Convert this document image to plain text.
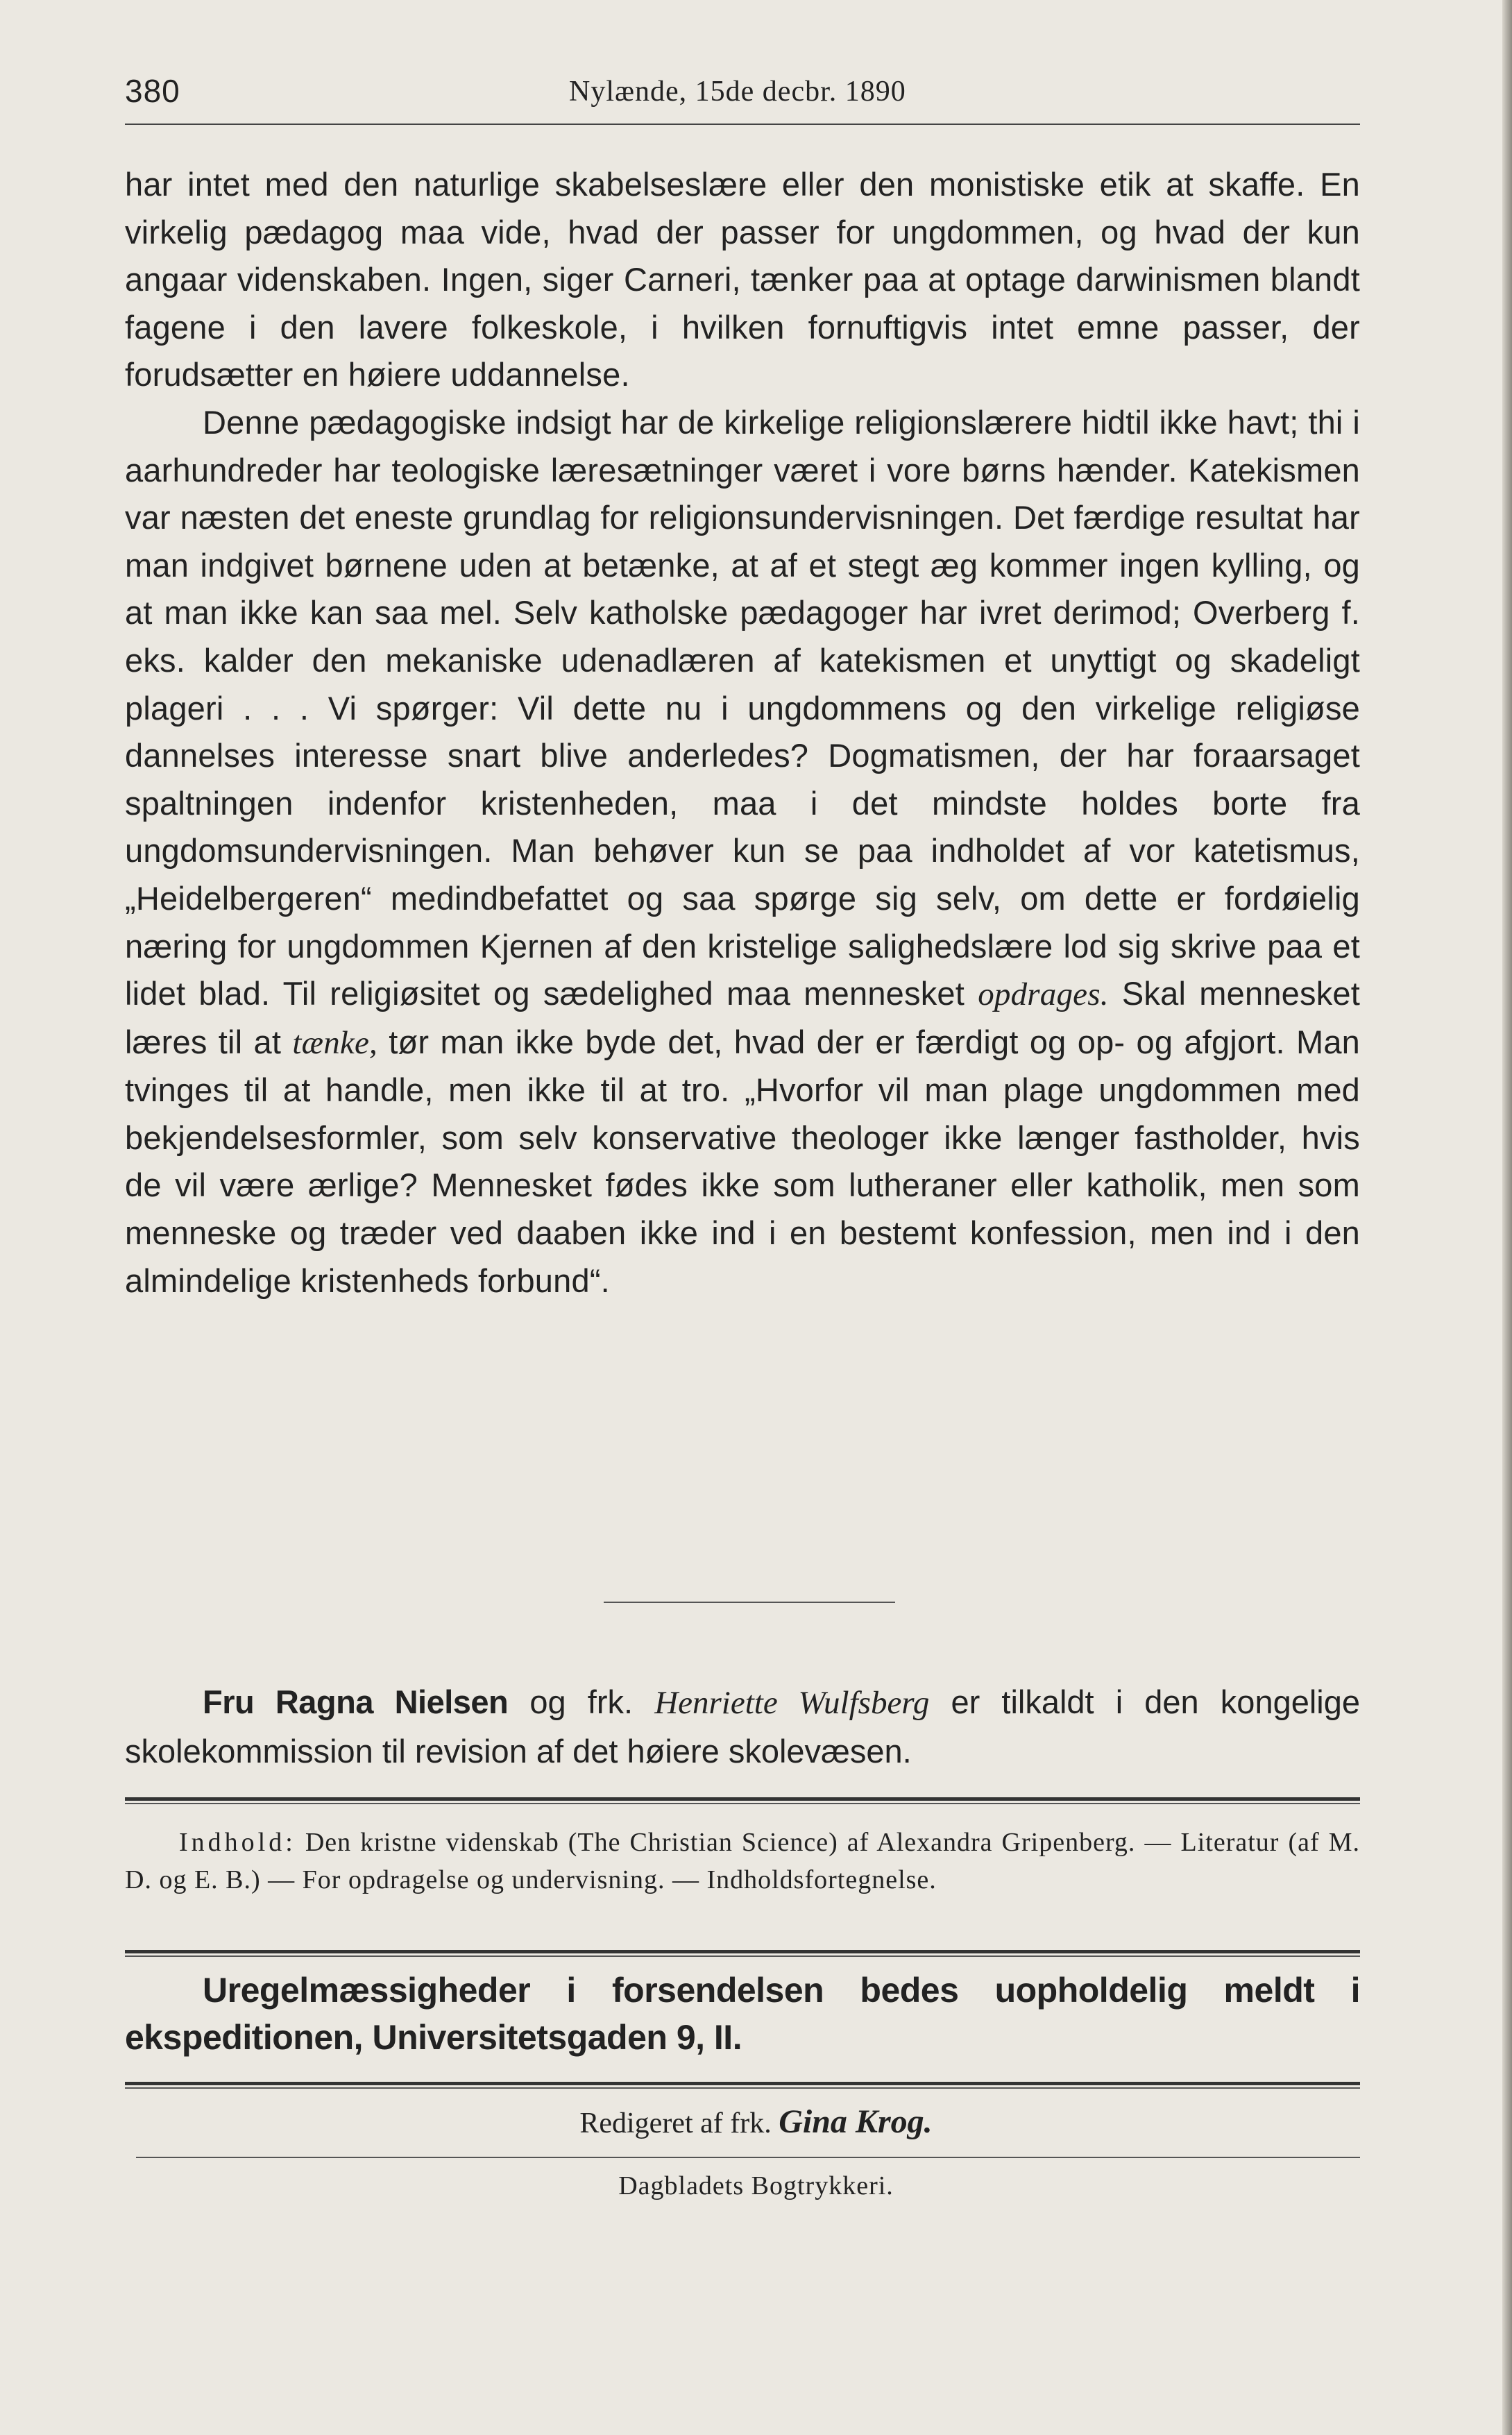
380	Nylænde, 15de decbr. 1890

har intet med den naturlige skabelseslære eller den monistiske etik at skaffe. En virkelig pædagog maa vide, hvad der passer for ungdommen, og hvad der kun angaar videnskaben. Ingen, siger Carneri, tænker paa at optage darwinismen blandt fagene i den lavere folkeskole, i hvilken fornuftigvis intet emne passer, der forudsætter en høiere uddannelse.

Denne pædagogiske indsigt har de kirkelige religionslærere hidtil ikke havt; thi i aarhundreder har teologiske læresætninger været i vore børns hænder. Katekismen var næsten det eneste grundlag for religionsundervisningen. Det færdige resultat har man indgivet børnene uden at betænke, at af et stegt æg kommer ingen kylling, og at man ikke kan saa mel. Selv katholske pædagoger har ivret derimod; Overberg f. eks. kalder den mekaniske udenadlæren af katekismen et unyttigt og skadeligt plageri . . . Vi spørger: Vil dette nu i ungdommens og den virkelige religiøse dannelses interesse snart blive anderledes? Dogmatismen, der har foraarsaget spaltningen indenfor kristenheden, maa i det mindste holdes borte fra ungdomsundervisningen. Man behøver kun se paa indholdet af vor katetismus, „Heidelbergeren“ medindbefattet og saa spørge sig selv, om dette er fordøielig næring for ungdommen Kjernen af den kristelige salighedslære lod sig skrive paa et lidet blad. Til religiøsitet og sædelighed maa mennesket opdrages. Skal mennesket læres til at tænke, tør man ikke byde det, hvad der er færdigt og op- og afgjort. Man tvinges til at handle, men ikke til at tro. „Hvorfor vil man plage ungdommen med bekjendelsesformler, som selv konservative theologer ikke længer fastholder, hvis de vil være ærlige? Mennesket fødes ikke som lutheraner eller katholik, men som menneske og træder ved daaben ikke ind i en bestemt konfession, men ind i den almindelige kristenheds forbund“.

Fru Ragna Nielsen og frk. Henriette Wulfsberg er tilkaldt i den kongelige skolekommission til revision af det høiere skolevæsen.
Indhold: Den kristne videnskab (The Christian Science) af Alexandra Gripenberg. — Literatur (af M. D. og E. B.) — For opdragelse og undervisning. — Indholdsfortegnelse.
Uregelmæssigheder i forsendelsen bedes uopholdelig meldt i ekspeditionen, Universitetsgaden 9, II.
Redigeret af frk. Gina Krog.
Dagbladets Bogtrykkeri.
